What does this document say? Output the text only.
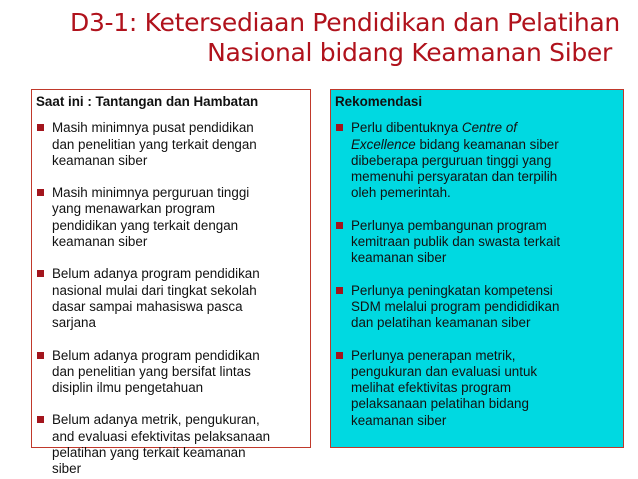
D3-1: Ketersediaan Pendidikan dan Pelatihan
Nasional bidang Keamanan Siber
Saat ini : Tantangan dan Hambatan
Masih minimnya pusat pendidikan
dan penelitian yang terkait dengan
keamanan siber
Masih minimnya perguruan tinggi
yang menawarkan program
pendidikan yang terkait dengan
keamanan siber
Belum adanya program pendidikan
nasional mulai dari tingkat sekolah
dasar sampai mahasiswa pasca
sarjana
Belum adanya program pendidikan
dan penelitian yang bersifat lintas
disiplin ilmu pengetahuan
Belum adanya metrik, pengukuran,
and evaluasi efektivitas pelaksanaan
pelatihan yang terkait keamanan
siber
Rekomendasi
Perlu dibentuknya Centre of
Excellence bidang keamanan siber
dibeberapa perguruan tinggi yang
memenuhi persyaratan dan terpilih
oleh pemerintah.
Perlunya pembangunan program
kemitraan publik dan swasta terkait
keamanan siber
Perlunya peningkatan kompetensi
SDM melalui program pendididikan
dan pelatihan keamanan siber
Perlunya penerapan metrik,
pengukuran dan evaluasi untuk
melihat efektivitas program
pelaksanaan pelatihan bidang
keamanan siber
